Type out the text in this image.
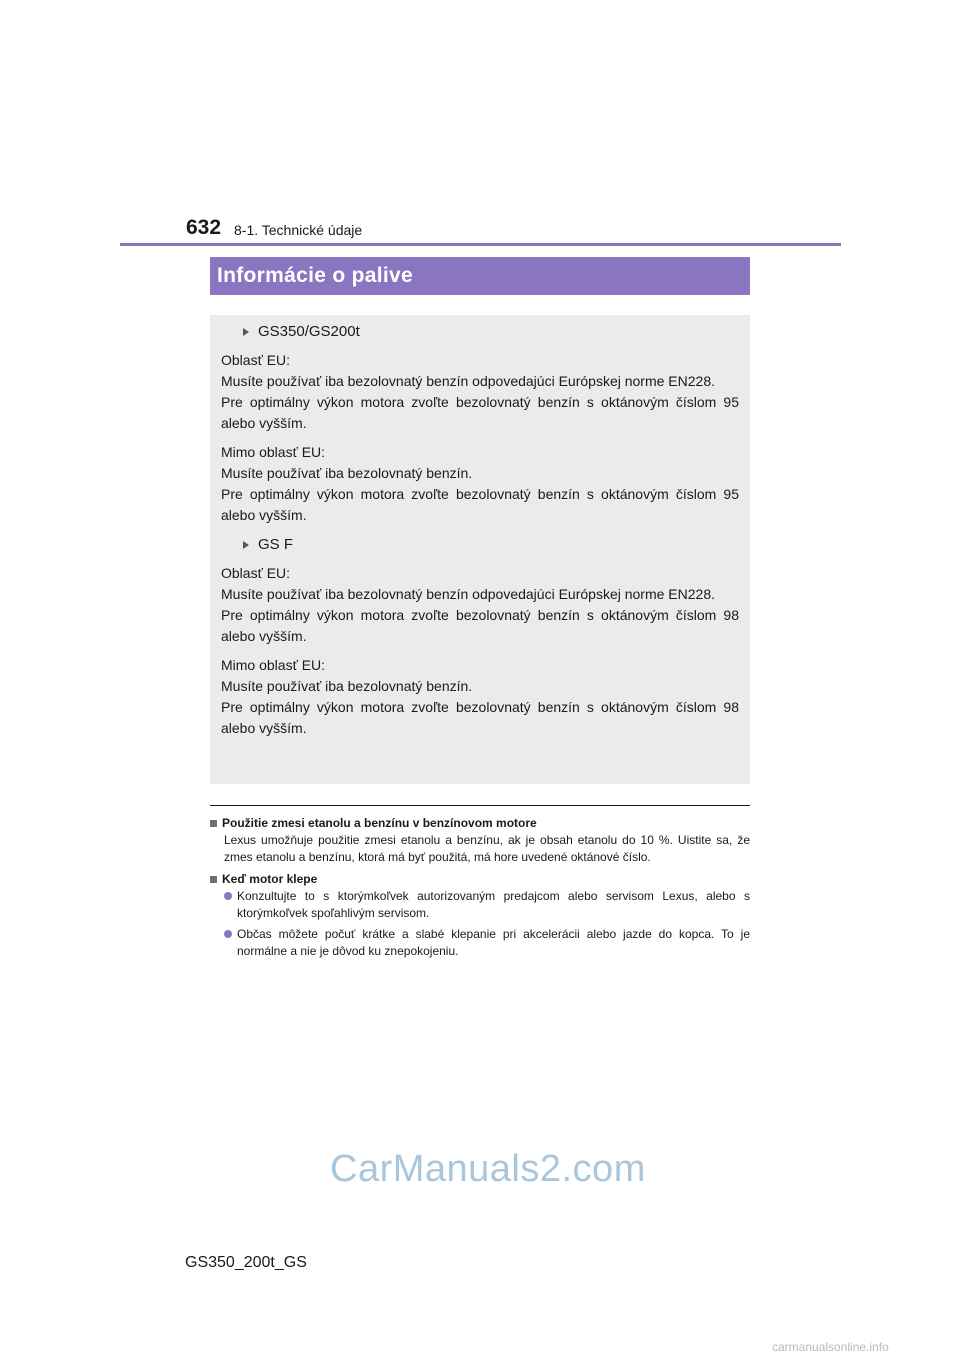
632 8-1. Technické údaje
Informácie o palive
GS350/GS200t
Oblasť EU:
Musíte používať iba bezolovnatý benzín odpovedajúci Európskej norme EN228.
Pre optimálny výkon motora zvoľte bezolovnatý benzín s oktánovým číslom 95 alebo vyšším.
Mimo oblasť EU:
Musíte používať iba bezolovnatý benzín.
Pre optimálny výkon motora zvoľte bezolovnatý benzín s oktánovým číslom 95 alebo vyšším.
GS F
Oblasť EU:
Musíte používať iba bezolovnatý benzín odpovedajúci Európskej norme EN228.
Pre optimálny výkon motora zvoľte bezolovnatý benzín s oktánovým číslom 98 alebo vyšším.
Mimo oblasť EU:
Musíte používať iba bezolovnatý benzín.
Pre optimálny výkon motora zvoľte bezolovnatý benzín s oktánovým číslom 98 alebo vyšším.
Použitie zmesi etanolu a benzínu v benzínovom motore
Lexus umožňuje použitie zmesi etanolu a benzínu, ak je obsah etanolu do 10 %. Uistite sa, že zmes etanolu a benzínu, ktorá má byť použitá, má hore uvedené oktánové číslo.
Keď motor klepe
Konzultujte to s ktorýmkoľvek autorizovaným predajcom alebo servisom Lexus, alebo s ktorýmkoľvek spoľahlivým servisom.
Občas môžete počuť krátke a slabé klepanie pri akcelerácii alebo jazde do kopca. To je normálne a nie je dôvod ku znepokojeniu.
CarManuals2.com
GS350_200t_GS
carmanualsonline.info
